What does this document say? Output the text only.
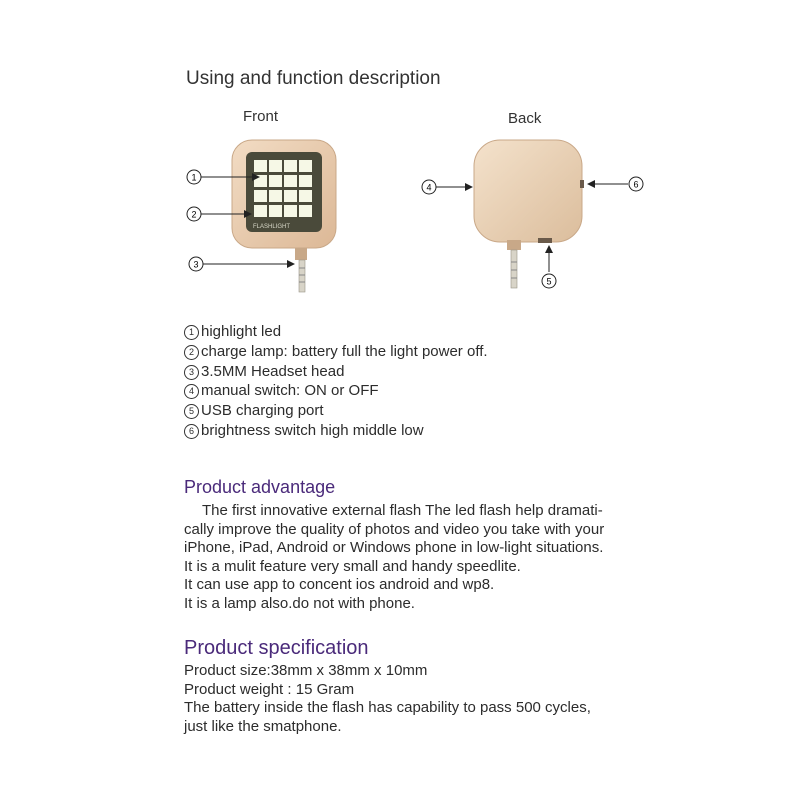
Using and function description
Front	Back
FLASHLIGHT
1
2
3
4
5
6
1 highlight led
2 charge lamp: battery full the light power off.
3 3.5MM Headset head
4 manual switch: ON or OFF
5 USB charging port
6 brightness switch high middle low
Product advantage
The first innovative external flash The led flash help dramati-
cally improve the quality of photos and video you take with your
iPhone, iPad, Android or Windows phone in low-light situations.
It is a mulit feature very small and handy speedlite.
It can use app to concent ios android and wp8.
It is a lamp also.do not with phone.
Product specification
Product size:38mm x 38mm x 10mm
Product weight : 15 Gram
The battery inside the flash has capability to pass 500 cycles,
just like the smatphone.
